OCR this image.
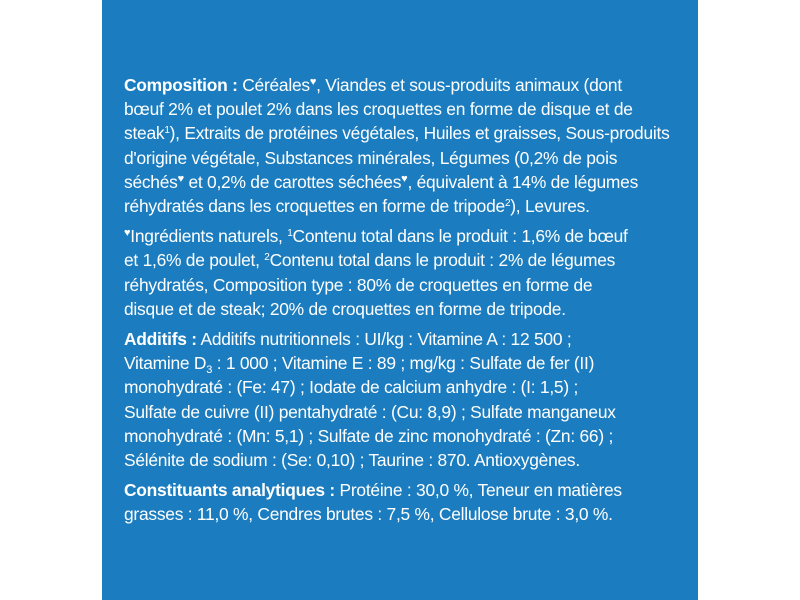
Composition : Céréales♥, Viandes et sous-produits animaux (dont
bœuf 2% et poulet 2% dans les croquettes en forme de disque et de
steak$^1$), Extraits de protéines végétales, Huiles et graisses, Sous-produits
d'origine végétale, Substances minérales, Légumes (0,2% de pois
séchés♥ et 0,2% de carottes séchées♥, équivalent à 14% de légumes
réhydratés dans les croquettes en forme de tripode$^2$), Levures.
♥Ingrédients naturels, $^1$Contenu total dans le produit : 1,6% de bœuf
et 1,6% de poulet, $^2$Contenu total dans le produit : 2% de légumes
réhydratés, Composition type : 80% de croquettes en forme de
disque et de steak; 20% de croquettes en forme de tripode.
Additifs : Additifs nutritionnels : UI/kg : Vitamine A : 12 500 ;
Vitamine $D_3$ : 1 000 ; Vitamine E : 89 ; mg/kg : Sulfate de fer (II)
monohydraté : (Fe: 47) ; Iodate de calcium anhydre : (I: 1,5) ;
Sulfate de cuivre (II) pentahydraté : (Cu: 8,9) ; Sulfate manganeux
monohydraté : (Mn: 5,1) ; Sulfate de zinc monohydraté : (Zn: 66) ;
Sélénite de sodium : (Se: 0,10) ; Taurine : 870. Antioxygènes.
Constituants analytiques : Protéine : 30,0 %, Teneur en matières
grasses : 11,0 %, Cendres brutes : 7,5 %, Cellulose brute : 3,0 %.
